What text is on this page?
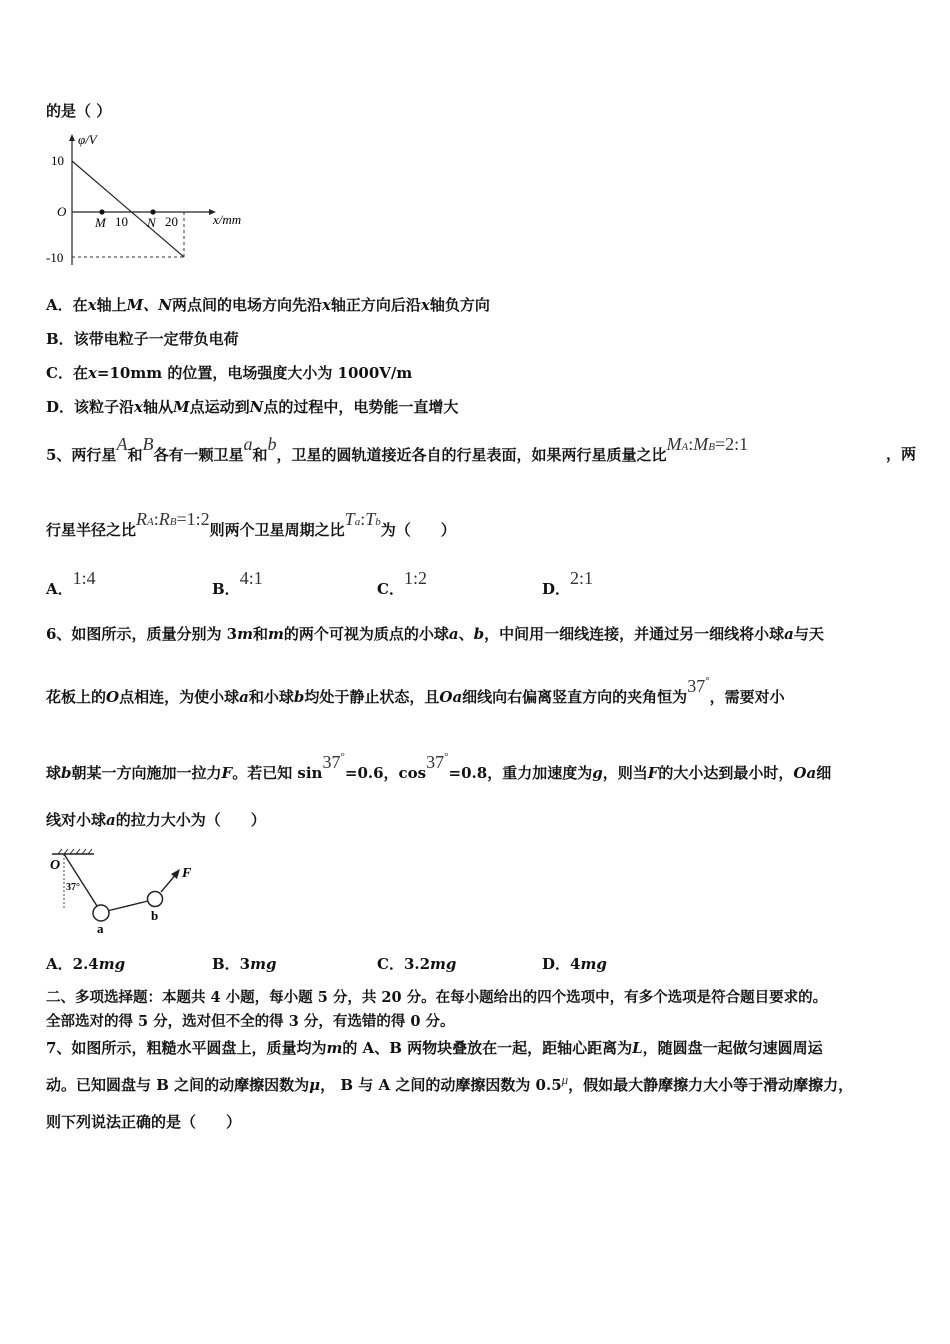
的是（ ）
φ/V
10
O
-10
M 10 N 20	x/mm
A．在x轴上M、N两点间的电场方向先沿x轴正方向后沿x轴负方向
B．该带电粒子一定带负电荷
C．在x=10mm 的位置，电场强度大小为 1000V/m
D．该粒子沿x轴从M点运动到N点的过程中，电势能一直增大
5、两行星A和B各有一颗卫星a和b，卫星的圆轨道接近各自的行星表面，如果两行星质量之比MA:MB=2:1	，两
行星半径之比RA:RB=1:2则两个卫星周期之比Ta:Tb为（　　）
A．1:4
B．4:1
C．1:2
D．2:1
6、如图所示，质量分别为 3m和m的两个可视为质点的小球a、b，中间用一细线连接，并通过另一细线将小球a与天
花板上的O点相连，为使小球a和小球b均处于静止状态，且Oa细线向右偏离竖直方向的夹角恒为37°，需要对小
球b朝某一方向施加一拉力F。若已知 sin37°=0.6，cos37°=0.8，重力加速度为g，则当F的大小达到最小时，Oa细
线对小球a的拉力大小为（　　）
O
37°
a
b
F
A．2.4mg	B．3mg	C．3.2mg	D．4mg
二、多项选择题：本题共 4 小题，每小题 5 分，共 20 分。在每小题给出的四个选项中，有多个选项是符合题目要求的。
全部选对的得 5 分，选对但不全的得 3 分，有选错的得 0 分。
7、如图所示，粗糙水平圆盘上，质量均为m的 A、B 两物块叠放在一起，距轴心距离为L，随圆盘一起做匀速圆周运
动。已知圆盘与 B 之间的动摩擦因数为μ， B 与 A 之间的动摩擦因数为 0.5μ，假如最大静摩擦力大小等于滑动摩擦力，
则下列说法正确的是（　　）
